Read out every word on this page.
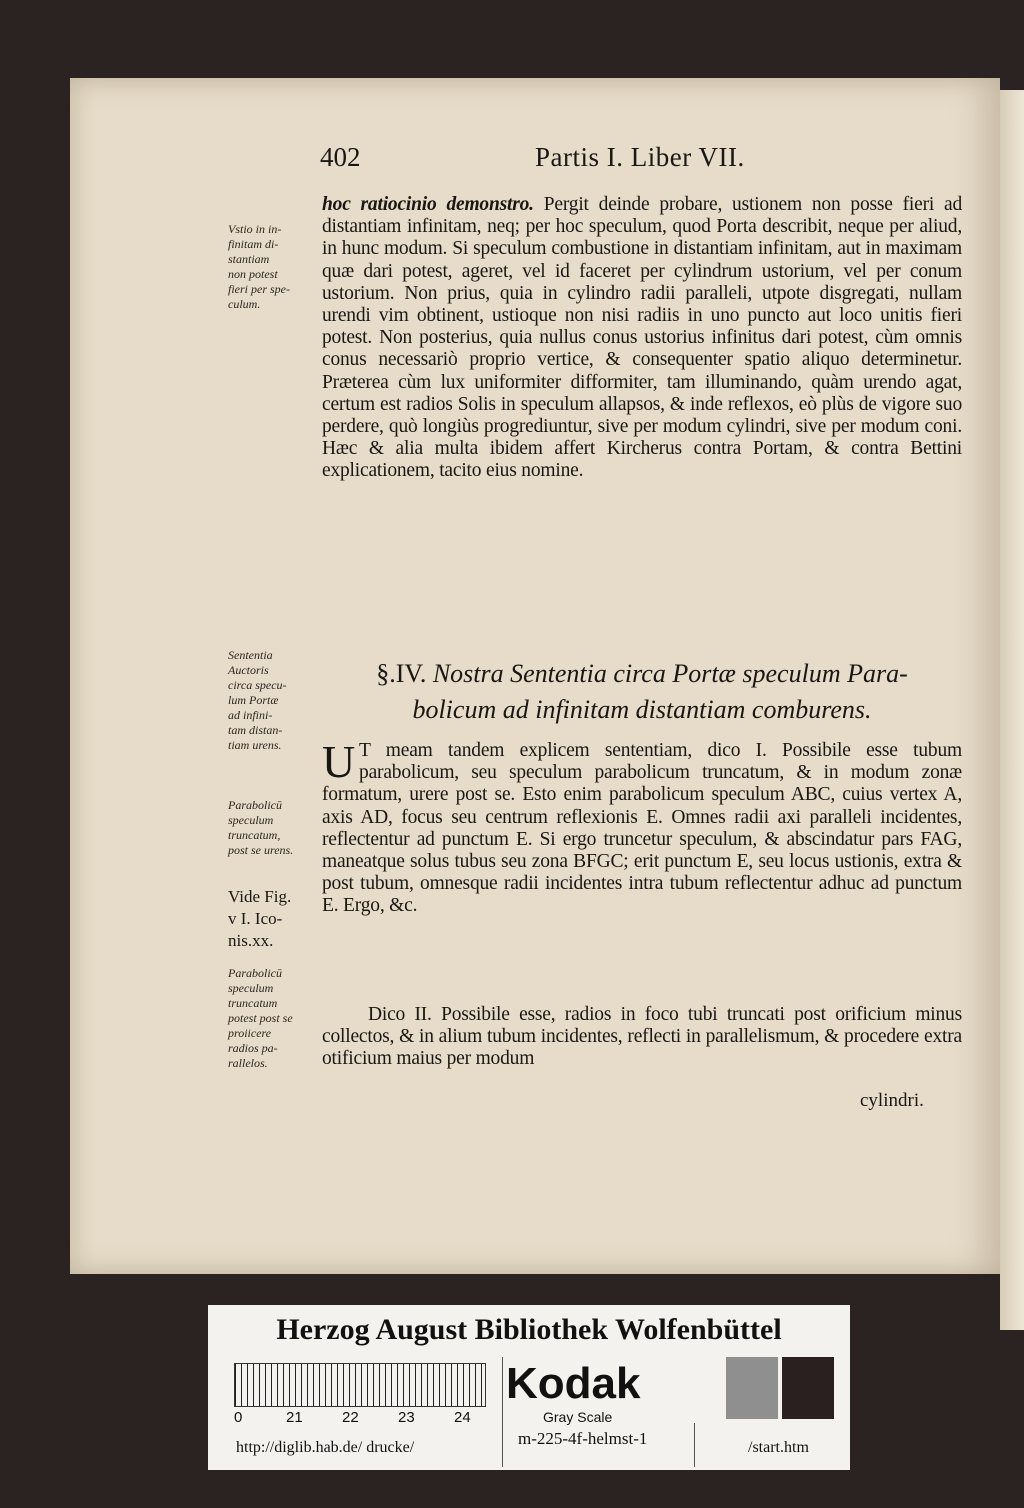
402	Partis I. Liber VII.
Vstio in in-
finitam di-
stantiam
non potest
fieri per spe-
culum.
Sententia
Auctoris
circa specu-
lum Portæ
ad infini-
tam distan-
tiam urens.
Parabolicū
speculum
truncatum,
post se urens.
Vide Fig.
v I. Ico-
nis.xx.
Parabolicū
speculum
truncatum
potest post se
proiicere
radios pa-
rallelos.
hoc ratiocinio demonstro. Pergit deinde probare, ustionem non posse fieri ad distantiam infinitam, neq; per hoc speculum, quod Porta describit, neque per aliud, in hunc modum. Si speculum combustione in distantiam infinitam, aut in maximam quæ dari potest, ageret, vel id faceret per cylindrum ustorium, vel per conum ustorium. Non prius, quia in cylindro radii paralleli, utpote disgregati, nullam urendi vim obtinent, ustioque non nisi radiis in uno puncto aut loco unitis fieri potest. Non posterius, quia nullus conus ustorius infinitus dari potest, cùm omnis conus necessariò proprio vertice, & consequenter spatio aliquo determinetur. Præterea cùm lux uniformiter difformiter, tam illuminando, quàm urendo agat, certum est radios Solis in speculum allapsos, & inde reflexos, eò plùs de vigore suo perdere, quò longiùs progrediuntur, sive per modum cylindri, sive per modum coni. Hæc & alia multa ibidem affert Kircherus contra Portam, & contra Bettini explicationem, tacito eius nomine.
§.IV. Nostra Sententia circa Portæ speculum Para-
bolicum ad infinitam distantiam comburens.
U T meam tandem explicem sententiam, dico I. Possibile esse tubum parabolicum, seu speculum parabolicum truncatum, & in modum zonæ formatum, urere post se. Esto enim parabolicum speculum ABC, cuius vertex A, axis AD, focus seu centrum reflexionis E. Omnes radii axi paralleli incidentes, reflectentur ad punctum E. Si ergo truncetur speculum, & abscindatur pars FAG, maneatque solus tubus seu zona BFGC; erit punctum E, seu locus ustionis, extra & post tubum, omnesque radii incidentes intra tubum reflectentur adhuc ad punctum E. Ergo, &c.
Dico II. Possibile esse, radios in foco tubi truncati post orificium minus collectos, & in alium tubum incidentes, reflecti in parallelismum, & procedere extra otificium maius per modum
cylindri.
Herzog August Bibliothek Wolfenbüttel
0	21	22	23	24
Kodak
Gray Scale
http://diglib.hab.de/ drucke/	m-225-4f-helmst-1	/start.htm
